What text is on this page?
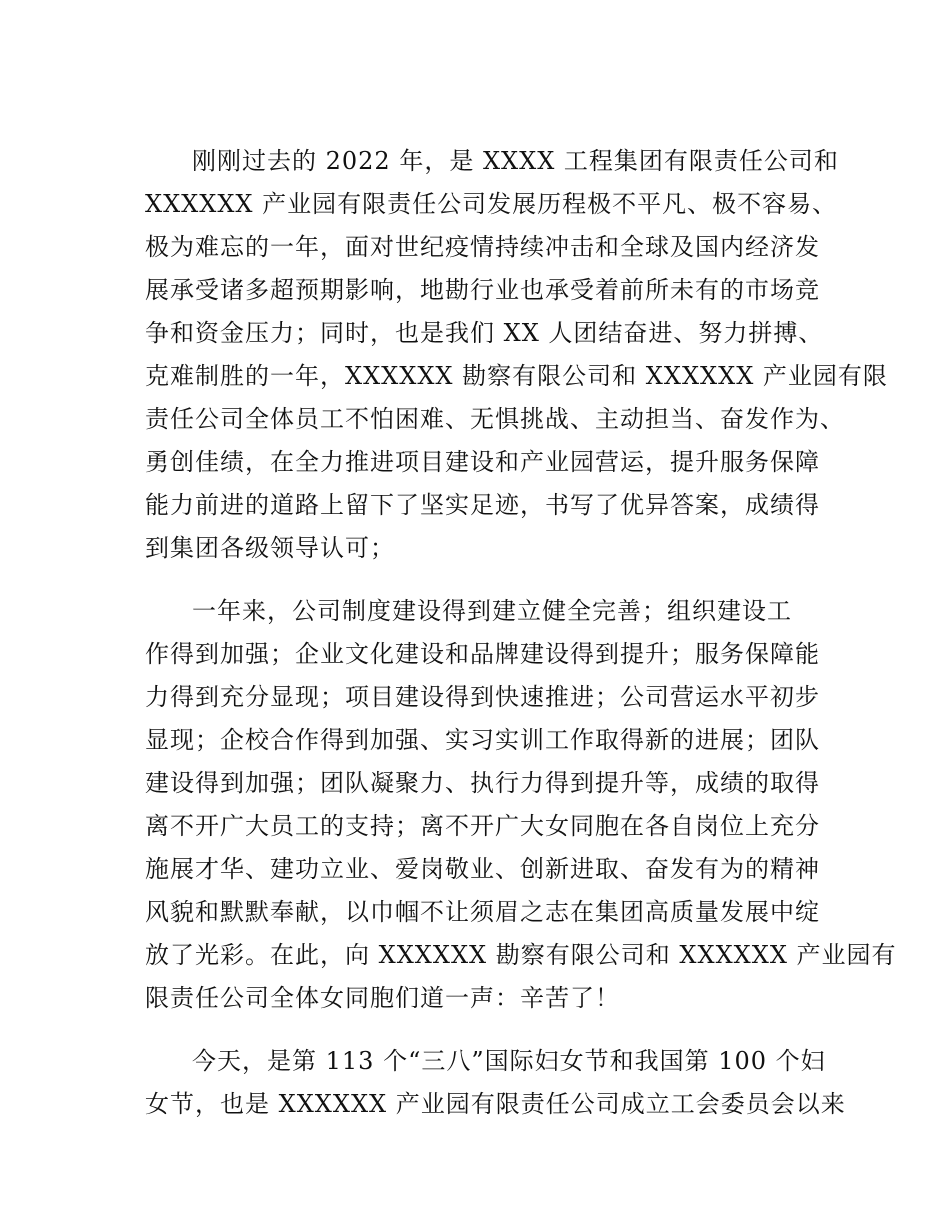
刚刚过去的 2022 年，是 XXXX 工程集团有限责任公司和
XXXXXX 产业园有限责任公司发展历程极不平凡、极不容易、
极为难忘的一年，面对世纪疫情持续冲击和全球及国内经济发
展承受诸多超预期影响，地勘行业也承受着前所未有的市场竞
争和资金压力；同时，也是我们 XX 人团结奋进、努力拼搏、
克难制胜的一年，XXXXXX 勘察有限公司和 XXXXXX 产业园有限
责任公司全体员工不怕困难、无惧挑战、主动担当、奋发作为、
勇创佳绩，在全力推进项目建设和产业园营运，提升服务保障
能力前进的道路上留下了坚实足迹，书写了优异答案，成绩得
到集团各级领导认可；
一年来，公司制度建设得到建立健全完善；组织建设工
作得到加强；企业文化建设和品牌建设得到提升；服务保障能
力得到充分显现；项目建设得到快速推进；公司营运水平初步
显现；企校合作得到加强、实习实训工作取得新的进展；团队
建设得到加强；团队凝聚力、执行力得到提升等，成绩的取得
离不开广大员工的支持；离不开广大女同胞在各自岗位上充分
施展才华、建功立业、爱岗敬业、创新进取、奋发有为的精神
风貌和默默奉献，以巾帼不让须眉之志在集团高质量发展中绽
放了光彩。在此，向 XXXXXX 勘察有限公司和 XXXXXX 产业园有
限责任公司全体女同胞们道一声：辛苦了！
今天，是第 113 个“三八”国际妇女节和我国第 100 个妇
女节，也是 XXXXXX 产业园有限责任公司成立工会委员会以来
